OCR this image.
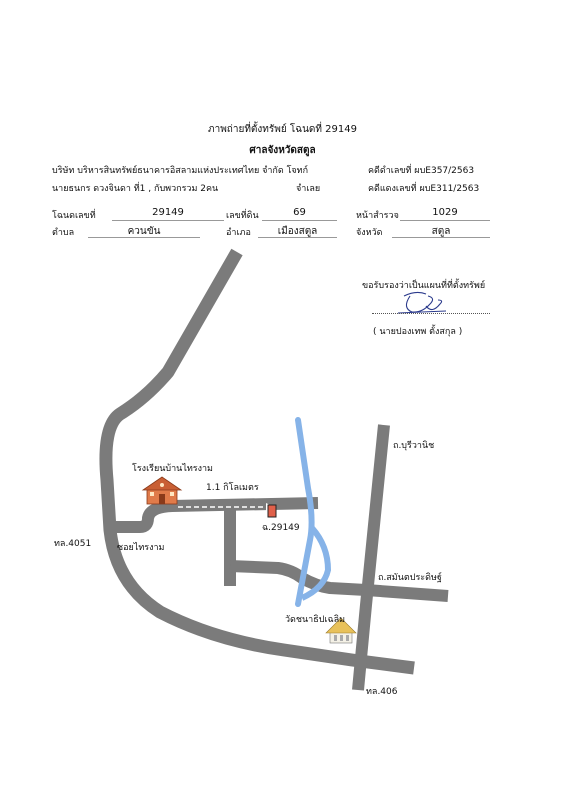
ภาพถ่ายที่ตั้งทรัพย์ โฉนดที่ 29149
ศาลจังหวัดสตูล
บริษัท บริหารสินทรัพย์ธนาคารอิสลามแห่งประเทศไทย จำกัด โจทก์	คดีดำเลขที่ ผบE357/2563
นายธนกร ดวงจินดา ที่1 , กับพวกรวม 2คน	จำเลย	คดีแดงเลขที่ ผบE311/2563
โฉนดเลขที่	29149	เลขที่ดิน	69	หน้าสำรวจ	1029
ตำบล	ควนขัน	อำเภอ	เมืองสตูล	จังหวัด	สตูล
ขอรับรองว่าเป็นแผนที่ที่ตั้งทรัพย์
( นายปองเทพ ตั้งสกุล )
โรงเรียนบ้านไทรงาม
1.1 กิโลเมตร
ฉ.29149
ทล.4051	ซอยไทรงาม
ถ.บุรีวานิช
ถ.สมันตประดิษฐ์
วัดชนาธิปเฉลิม
ทล.406
